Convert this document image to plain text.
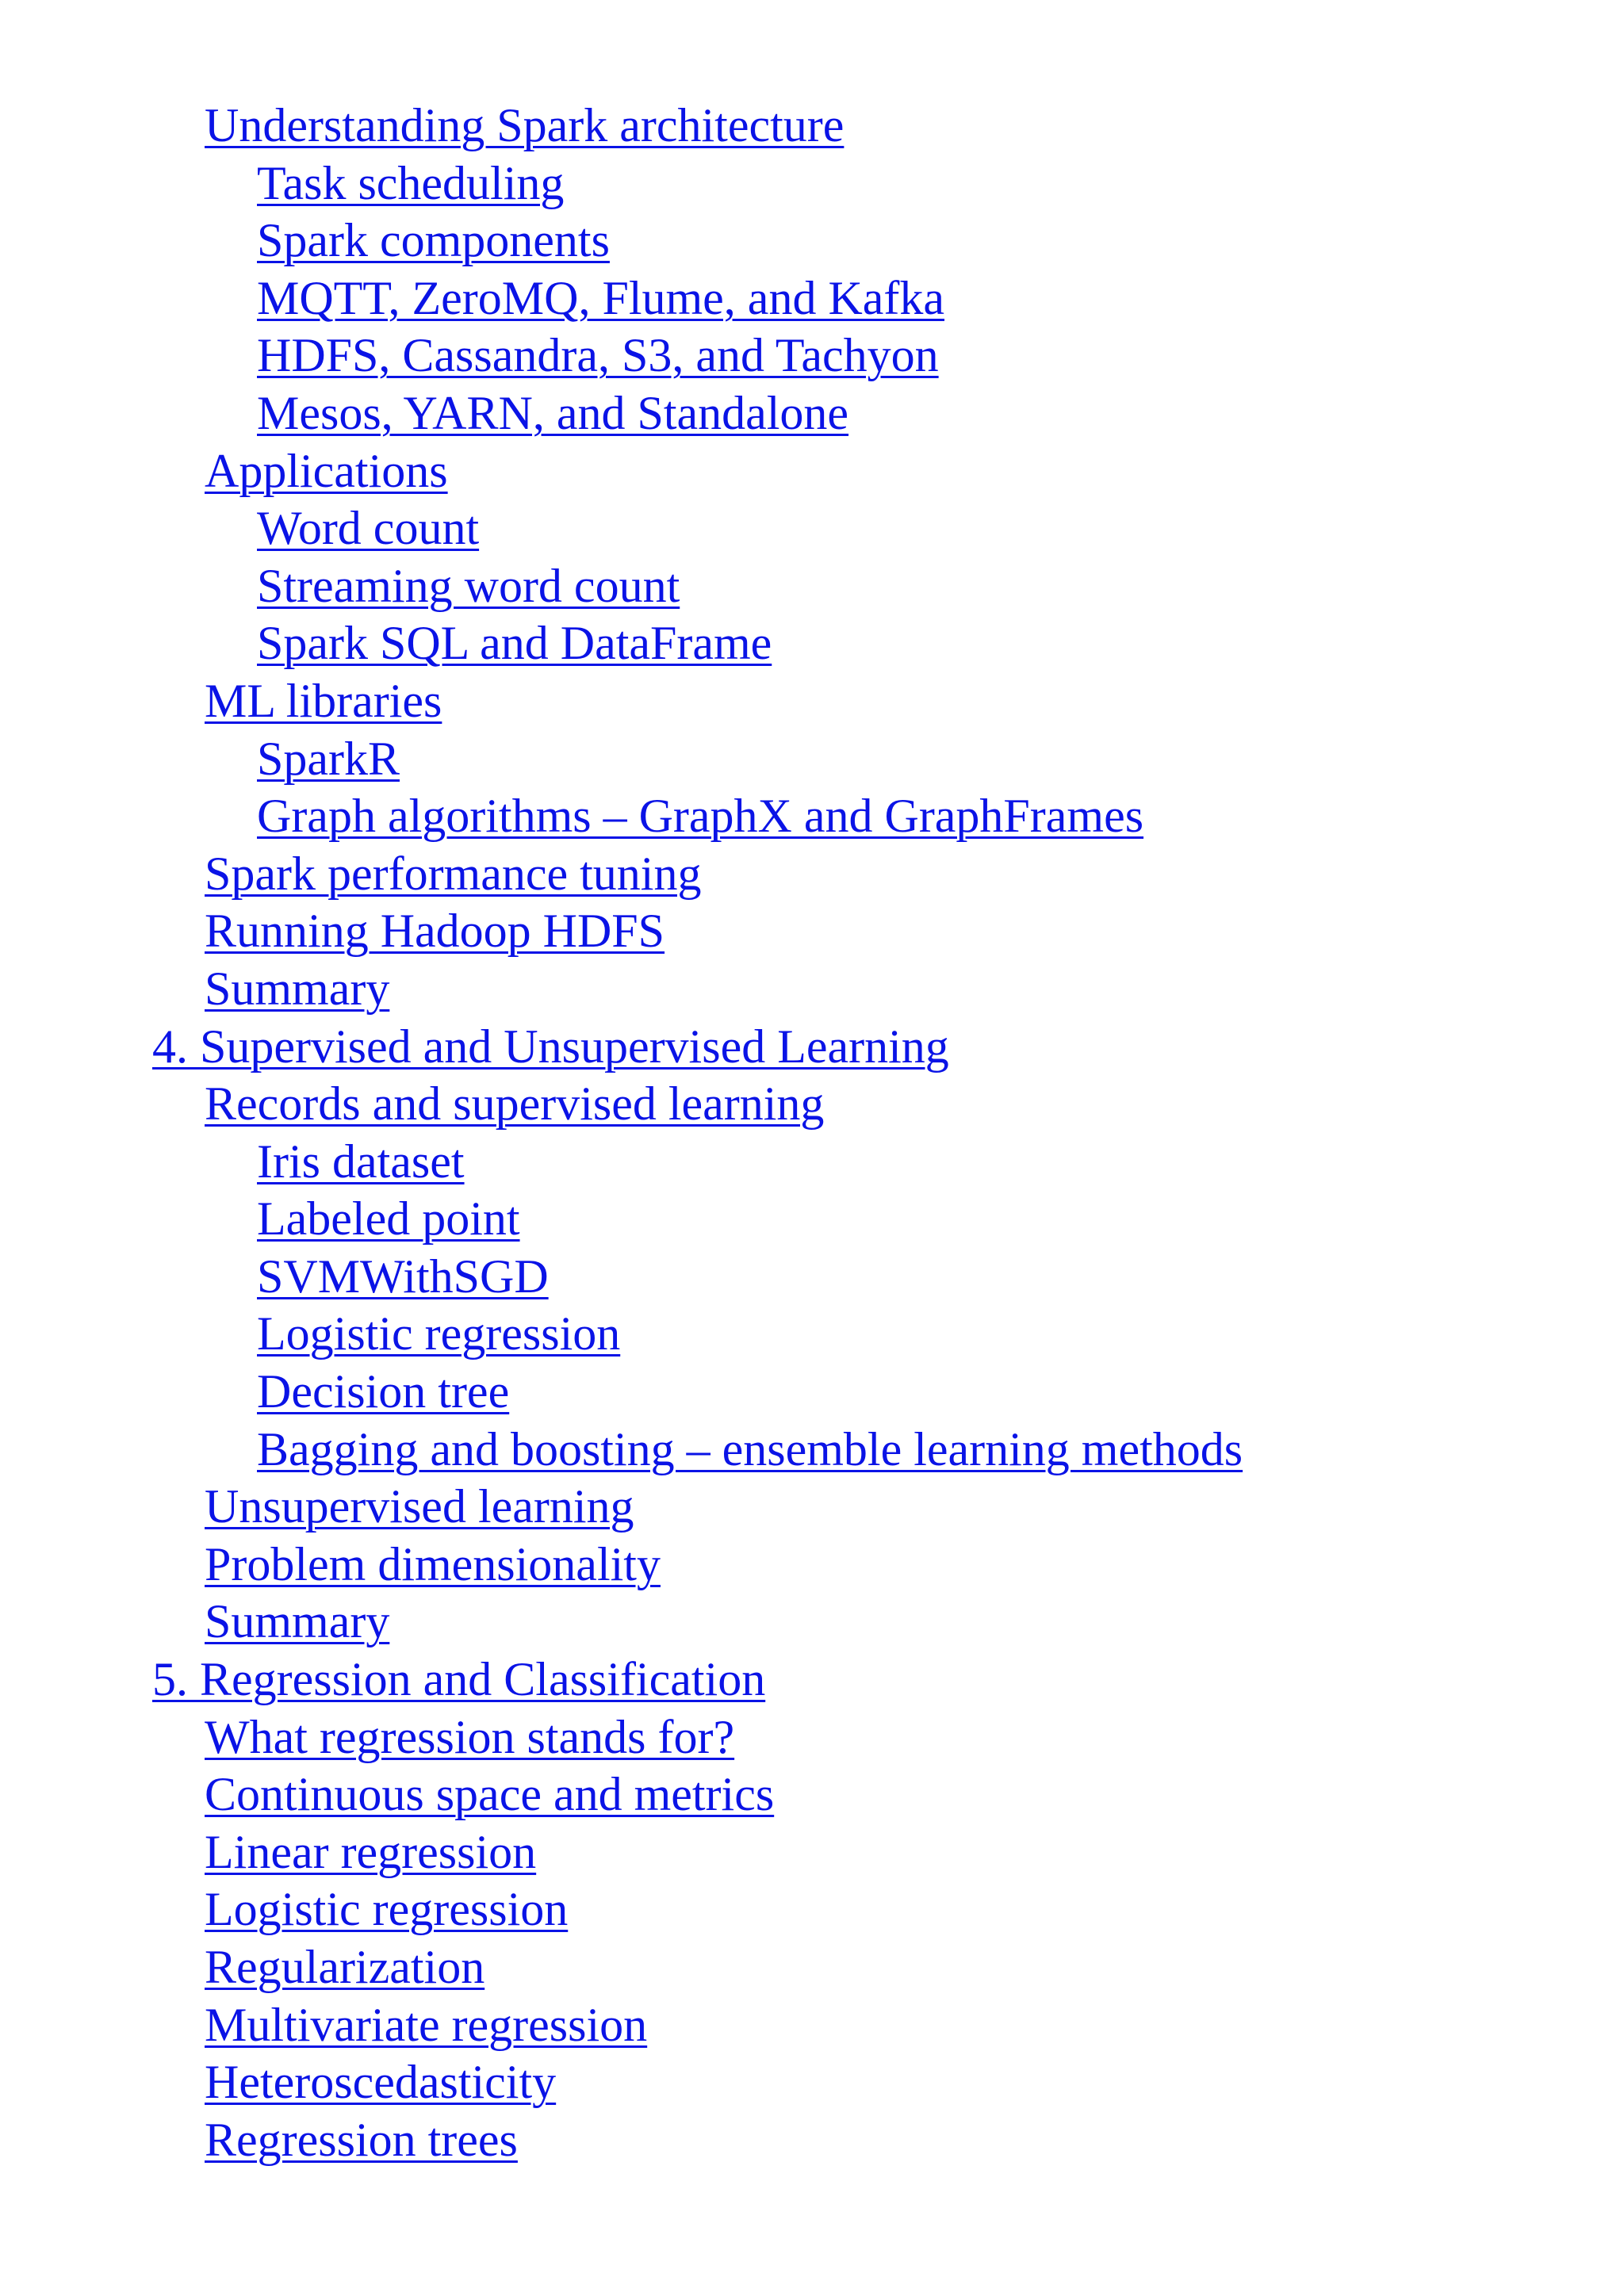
Understanding Spark architecture
Task scheduling
Spark components
MQTT, ZeroMQ, Flume, and Kafka
HDFS, Cassandra, S3, and Tachyon
Mesos, YARN, and Standalone
Applications
Word count
Streaming word count
Spark SQL and DataFrame
ML libraries
SparkR
Graph algorithms – GraphX and GraphFrames
Spark performance tuning
Running Hadoop HDFS
Summary
4. Supervised and Unsupervised Learning
Records and supervised learning
Iris dataset
Labeled point
SVMWithSGD
Logistic regression
Decision tree
Bagging and boosting – ensemble learning methods
Unsupervised learning
Problem dimensionality
Summary
5. Regression and Classification
What regression stands for?
Continuous space and metrics
Linear regression
Logistic regression
Regularization
Multivariate regression
Heteroscedasticity
Regression trees
